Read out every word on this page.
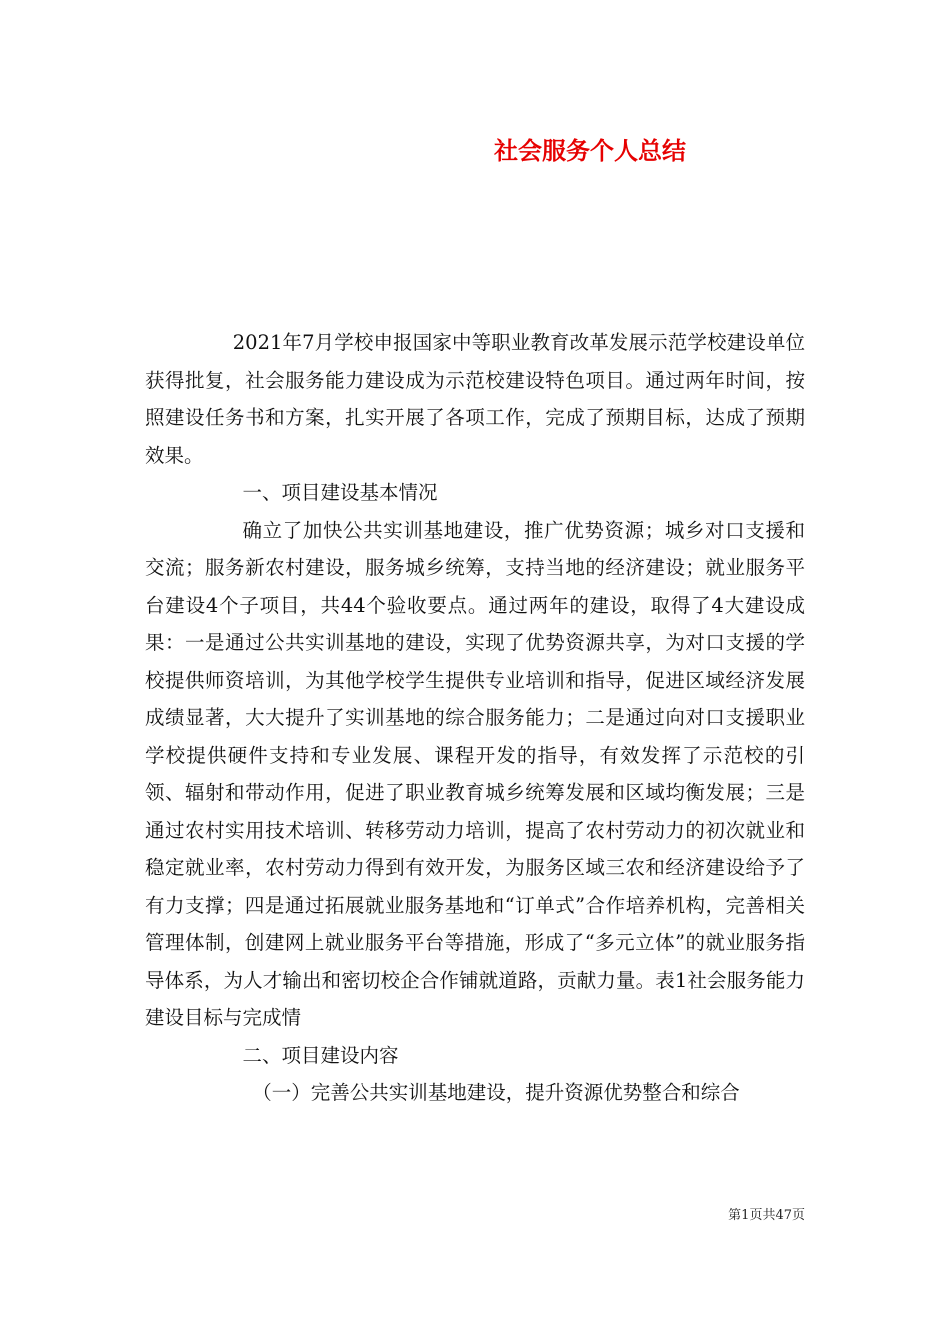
社会服务个人总结

2021年7月学校申报国家中等职业教育改革发展示范学校建设单位获得批复，社会服务能力建设成为示范校建设特色项目。通过两年时间，按照建设任务书和方案，扎实开展了各项工作，完成了预期目标，达成了预期效果。

一、项目建设基本情况

确立了加快公共实训基地建设，推广优势资源；城乡对口支援和交流；服务新农村建设，服务城乡统筹，支持当地的经济建设；就业服务平台建设4个子项目，共44个验收要点。通过两年的建设，取得了4大建设成果：一是通过公共实训基地的建设，实现了优势资源共享，为对口支援的学校提供师资培训，为其他学校学生提供专业培训和指导，促进区域经济发展成绩显著，大大提升了实训基地的综合服务能力；二是通过向对口支援职业学校提供硬件支持和专业发展、课程开发的指导，有效发挥了示范校的引领、辐射和带动作用，促进了职业教育城乡统筹发展和区域均衡发展；三是通过农村实用技术培训、转移劳动力培训，提高了农村劳动力的初次就业和稳定就业率，农村劳动力得到有效开发，为服务区域三农和经济建设给予了有力支撑；四是通过拓展就业服务基地和“订单式”合作培养机构，完善相关管理体制，创建网上就业服务平台等措施，形成了“多元立体”的就业服务指导体系，为人才输出和密切校企合作铺就道路，贡献力量。表1社会服务能力建设目标与完成情

二、项目建设内容

（一）完善公共实训基地建设，提升资源优势整合和综合

第1页共47页
